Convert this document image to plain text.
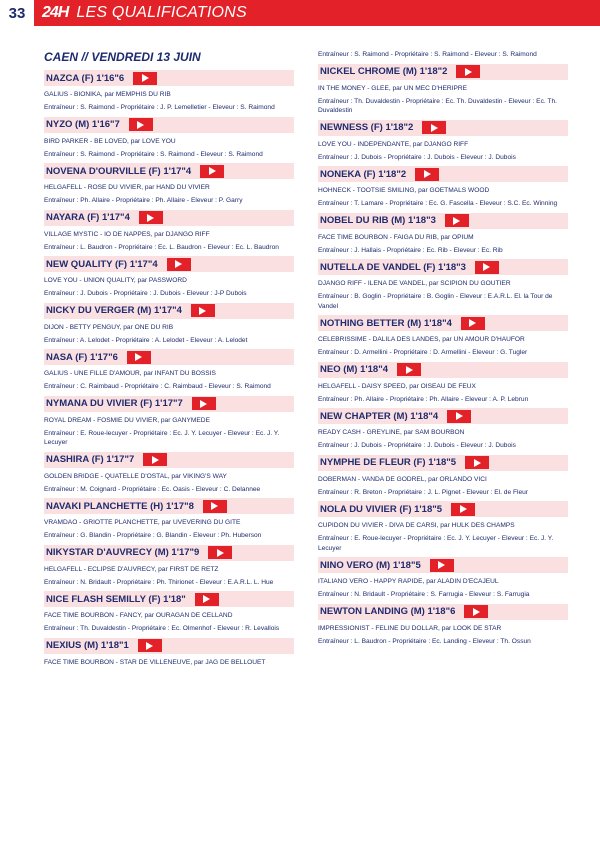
33	24H LES QUALIFICATIONS
CAEN // VENDREDI 13 JUIN
NAZCA (F) 1'16"6
GALIUS - BIONIKA, par MEMPHIS DU RIB
Entraîneur : S. Raimond - Propriétaire : J. P. Lemelletier - Eleveur : S. Raimond
NYZO (M) 1'16"7
BIRD PARKER - BE LOVED, par LOVE YOU
Entraîneur : S. Raimond - Propriétaire : S. Raimond - Eleveur : S. Raimond
NOVENA D'OURVILLE (F) 1'17"4
HELGAFELL - ROSE DU VIVIER, par HAND DU VIVIER
Entraîneur : Ph. Allaire - Propriétaire : Ph. Allaire - Eleveur : P. Garry
NAYARA (F) 1'17"4
VILLAGE MYSTIC - IO DE NAPPES, par DJANGO RIFF
Entraîneur : L. Baudron - Propriétaire : Ec. L. Baudron - Eleveur : Ec. L. Baudron
NEW QUALITY (F) 1'17"4
LOVE YOU - UNION QUALITY, par PASSWORD
Entraîneur : J. Dubois - Propriétaire : J. Dubois - Eleveur : J-P Dubois
NICKY DU VERGER (M) 1'17"4
DIJON - BETTY PENGUY, par ONE DU RIB
Entraîneur : A. Lelodet - Propriétaire : A. Lelodet - Eleveur : A. Lelodet
NASA (F) 1'17"6
GALIUS - UNE FILLE D'AMOUR, par INFANT DU BOSSIS
Entraîneur : C. Raimbaud - Propriétaire : C. Raimbaud - Eleveur : S. Raimond
NYMANA DU VIVIER (F) 1'17"7
ROYAL DREAM - FOSMIE DU VIVIER, par GANYMEDE
Entraîneur : E. Roue-lecuyer - Propriétaire : Ec. J. Y. Lecuyer - Eleveur : Ec. J. Y. Lecuyer
NASHIRA (F) 1'17"7
GOLDEN BRIDGE - QUATELLE D'OSTAL, par VIKING'S WAY
Entraîneur : M. Coignard - Propriétaire : Ec. Oasis - Eleveur : C. Delannee
NAVAKI PLANCHETTE (H) 1'17"8
VRAMDAO - GRIOTTE PLANCHETTE, par UVEVERING DU GITE
Entraîneur : G. Blandin - Propriétaire : G. Blandin - Eleveur : Ph. Huberson
NIKYSTAR D'AUVRECY (M) 1'17"9
HELGAFELL - ECLIPSE D'AUVRECY, par FIRST DE RETZ
Entraîneur : N. Bridault - Propriétaire : Ph. Thirionet - Eleveur : E.A.R.L. L. Hue
NICE FLASH SEMILLY (F) 1'18"
FACE TIME BOURBON - FANCY, par OURAGAN DE CELLAND
Entraîneur : Th. Duvaldestin - Propriétaire : Ec. Olmenhof - Eleveur : R. Levallois
NEXIUS (M) 1'18"1
FACE TIME BOURBON - STAR DE VILLENEUVE, par JAG DE BELLOUET
Entraîneur : S. Raimond - Propriétaire : S. Raimond - Eleveur : S. Raimond
NICKEL CHROME (M) 1'18"2
IN THE MONEY - GLEE, par UN MEC D'HERIPRE
Entraîneur : Th. Duvaldestin - Propriétaire : Ec. Th. Duvaldestin - Eleveur : Ec. Th. Duvaldestin
NEWNESS (F) 1'18"2
LOVE YOU - INDEPENDANTE, par DJANGO RIFF
Entraîneur : J. Dubois - Propriétaire : J. Dubois - Eleveur : J. Dubois
NONEKA (F) 1'18"2
HOHNECK - TOOTSIE SMILING, par GOETMALS WOOD
Entraîneur : T. Lamare - Propriétaire : Ec. G. Fascella - Eleveur : S.C. Ec. Winning
NOBEL DU RIB (M) 1'18"3
FACE TIME BOURBON - FAIGA DU RIB, par OPIUM
Entraîneur : J. Hallais - Propriétaire : Ec. Rib - Eleveur : Ec. Rib
NUTELLA DE VANDEL (F) 1'18"3
DJANGO RIFF - ILENA DE VANDEL, par SCIPION DU GOUTIER
Entraîneur : B. Goglin - Propriétaire : B. Goglin - Eleveur : E.A.R.L. El. la Tour de Vandel
NOTHING BETTER (M) 1'18"4
CELEBRISSIME - DALILA DES LANDES, par UN AMOUR D'HAUFOR
Entraîneur : D. Armellini - Propriétaire : D. Armellini - Eleveur : G. Tugler
NEO (M) 1'18"4
HELGAFELL - DAISY SPEED, par OISEAU DE FEUX
Entraîneur : Ph. Allaire - Propriétaire : Ph. Allaire - Eleveur : A. P. Lebrun
NEW CHAPTER (M) 1'18"4
READY CASH - GREYLINE, par SAM BOURBON
Entraîneur : J. Dubois - Propriétaire : J. Dubois - Eleveur : J. Dubois
NYMPHE DE FLEUR (F) 1'18"5
DOBERMAN - VANDA DE GODREL, par ORLANDO VICI
Entraîneur : R. Breton - Propriétaire : J. L. Pignet - Eleveur : El. de Fleur
NOLA DU VIVIER (F) 1'18"5
CUPIDON DU VIVIER - DIVA DE CARSI, par HULK DES CHAMPS
Entraîneur : E. Roue-lecuyer - Propriétaire : Ec. J. Y. Lecuyer - Eleveur : Ec. J. Y. Lecuyer
NINO VERO (M) 1'18"5
ITALIANO VERO - HAPPY RAPIDE, par ALADIN D'ECAJEUL
Entraîneur : N. Bridault - Propriétaire : S. Farrugia - Eleveur : S. Farrugia
NEWTON LANDING (M) 1'18"6
IMPRESSIONIST - FELINE DU DOLLAR, par LOOK DE STAR
Entraîneur : L. Baudron - Propriétaire : Ec. Landing - Eleveur : Th. Ossun
